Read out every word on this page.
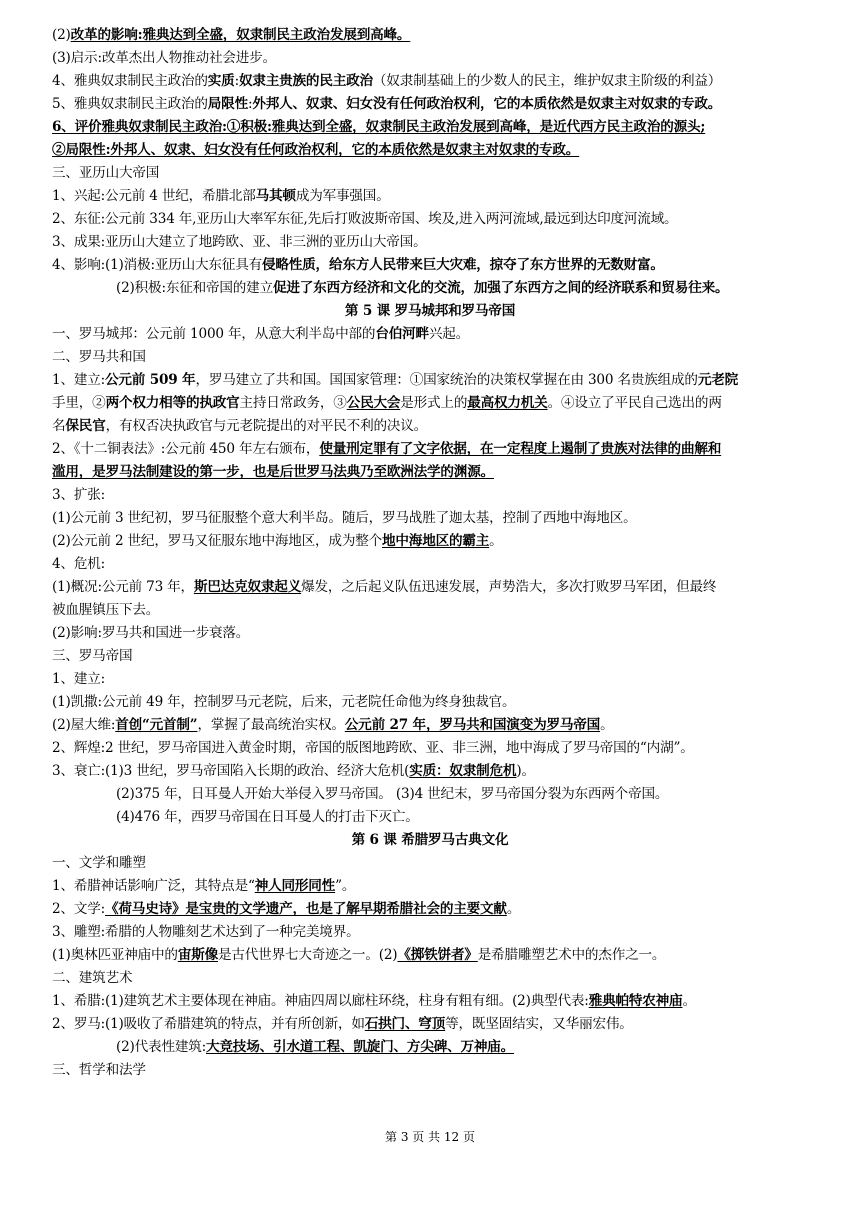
(2)改革的影响:雅典达到全盛，奴隶制民主政治发展到高峰。
(3)启示:改革杰出人物推动社会进步。
4、雅典奴隶制民主政治的实质:奴隶主贵族的民主政治（奴隶制基础上的少数人的民主，维护奴隶主阶级的利益）
5、雅典奴隶制民主政治的局限性:外邦人、奴隶、妇女没有任何政治权利，它的本质依然是奴隶主对奴隶的专政。
6、评价雅典奴隶制民主政治:①积极:雅典达到全盛，奴隶制民主政治发展到高峰，是近代西方民主政治的源头;
②局限性:外邦人、奴隶、妇女没有任何政治权利，它的本质依然是奴隶主对奴隶的专政。
三、亚历山大帝国
1、兴起:公元前 4 世纪，希腊北部马其顿成为军事强国。
2、东征:公元前 334 年,亚历山大率军东征,先后打败波斯帝国、埃及,进入两河流域,最远到达印度河流域。
3、成果:亚历山大建立了地跨欧、亚、非三洲的亚历山大帝国。
4、影响:(1)消极:亚历山大东征具有侵略性质，给东方人民带来巨大灾难，掠夺了东方世界的无数财富。
(2)积极:东征和帝国的建立促进了东西方经济和文化的交流，加强了东西方之间的经济联系和贸易往来。
第 5 课 罗马城邦和罗马帝国
一、罗马城邦：公元前 1000 年，从意大利半岛中部的台伯河畔兴起。
二、罗马共和国
1、建立:公元前 509 年，罗马建立了共和国。国国家管理：①国家统治的决策权掌握在由 300 名贵族组成的元老院
手里，②两个权力相等的执政官主持日常政务，③公民大会是形式上的最高权力机关。④设立了平民自己选出的两
名保民官，有权否决执政官与元老院提出的对平民不利的决议。
2、《十二铜表法》:公元前 450 年左右颁布，使量刑定罪有了文字依据，在一定程度上遏制了贵族对法律的曲解和
滥用，是罗马法制建设的第一步，也是后世罗马法典乃至欧洲法学的渊源。
3、扩张:
(1)公元前 3 世纪初，罗马征服整个意大利半岛。随后，罗马战胜了迦太基，控制了西地中海地区。
(2)公元前 2 世纪，罗马又征服东地中海地区，成为整个地中海地区的霸主。
4、危机:
(1)概况:公元前 73 年，斯巴达克奴隶起义爆发，之后起义队伍迅速发展，声势浩大，多次打败罗马军团，但最终
被血腥镇压下去。
(2)影响:罗马共和国进一步衰落。
三、罗马帝国
1、建立:
(1)凯撒:公元前 49 年，控制罗马元老院，后来，元老院任命他为终身独裁官。
(2)屋大维:首创“元首制”，掌握了最高统治实权。公元前 27 年，罗马共和国演变为罗马帝国。
2、辉煌:2 世纪，罗马帝国进入黄金时期，帝国的版图地跨欧、亚、非三洲，地中海成了罗马帝国的“内湖”。
3、衰亡:(1)3 世纪，罗马帝国陷入长期的政治、经济大危机(实质：奴隶制危机)。
(2)375 年，日耳曼人开始大举侵入罗马帝国。 (3)4 世纪末，罗马帝国分裂为东西两个帝国。
(4)476 年，西罗马帝国在日耳曼人的打击下灭亡。
第 6 课 希腊罗马古典文化
一、文学和雕塑
1、希腊神话影响广泛，其特点是“神人同形同性”。
2、文学:《荷马史诗》是宝贵的文学遗产，也是了解早期希腊社会的主要文献。
3、雕塑:希腊的人物雕刻艺术达到了一种完美境界。
(1)奥林匹亚神庙中的宙斯像是古代世界七大奇迹之一。(2)《掷铁饼者》是希腊雕塑艺术中的杰作之一。
二、建筑艺术
1、希腊:(1)建筑艺术主要体现在神庙。神庙四周以廊柱环绕，柱身有粗有细。(2)典型代表:雅典帕特农神庙。
2、罗马:(1)吸收了希腊建筑的特点，并有所创新，如石拱门、穹顶等，既坚固结实，又华丽宏伟。
(2)代表性建筑:大竞技场、引水道工程、凯旋门、方尖碑、万神庙。
三、哲学和法学
第 3 页 共 12 页
